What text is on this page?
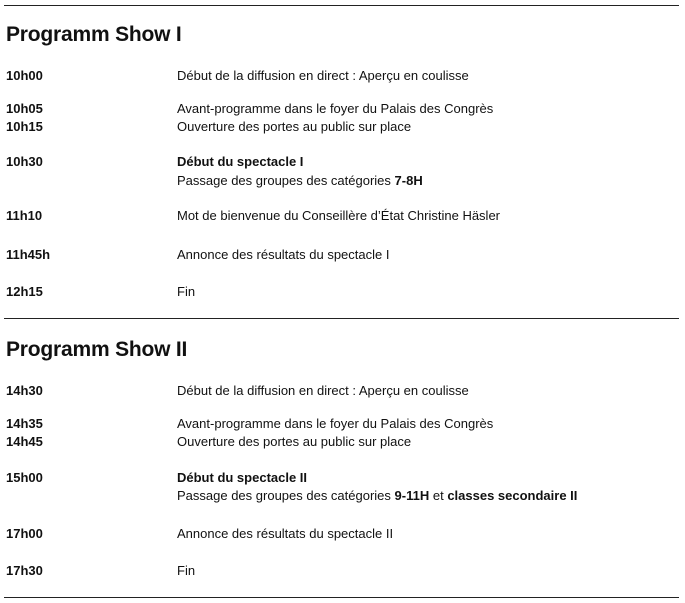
Programm Show I
10h00	Début de la diffusion en direct : Aperçu en coulisse
10h05	Avant-programme dans le foyer du Palais des Congrès
10h15	Ouverture des portes au public sur place
10h30	Début du spectacle I
Passage des groupes des catégories 7-8H
11h10	Mot de bienvenue du Conseillère d’État Christine Häsler
11h45h	Annonce des résultats du spectacle I
12h15	Fin
Programm Show II
14h30	Début de la diffusion en direct : Aperçu en coulisse
14h35	Avant-programme dans le foyer du Palais des Congrès
14h45	Ouverture des portes au public sur place
15h00	Début du spectacle II
Passage des groupes des catégories 9-11H et classes secondaire II
17h00	Annonce des résultats du spectacle II
17h30	Fin
